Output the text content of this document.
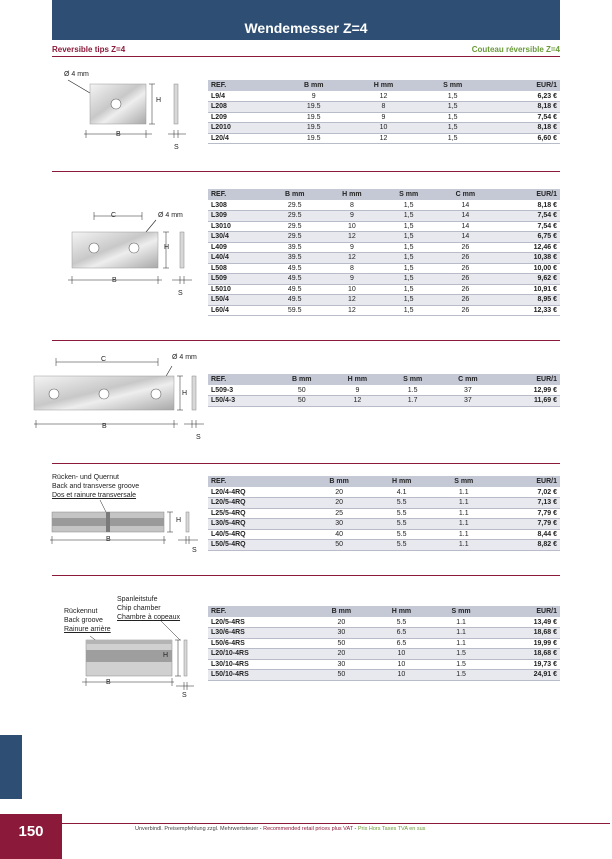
Wendemesser Z=4
Reversible tips Z=4	Couteau réversible Z=4
Ø 4 mm
H
B
S
REF.	B mm	H mm	S mm	EUR/1
L9/4	9	12	1,5	6,23 €
L208	19.5	8	1,5	8,18 €
L209	19.5	9	1,5	7,54 €
L2010	19.5	10	1,5	8,18 €
L20/4	19.5	12	1,5	6,60 €
C	Ø 4 mm
H
B
S
REF.	B mm	H mm	S mm	C mm	EUR/1
L308	29.5	8	1,5	14	8,18 €
L309	29.5	9	1,5	14	7,54 €
L3010	29.5	10	1,5	14	7,54 €
L30/4	29.5	12	1,5	14	6,75 €
L409	39.5	9	1,5	26	12,46 €
L40/4	39.5	12	1,5	26	10,38 €
L508	49.5	8	1,5	26	10,00 €
L509	49.5	9	1,5	26	9,62 €
L5010	49.5	10	1,5	26	10,91 €
L50/4	49.5	12	1,5	26	8,95 €
L60/4	59.5	12	1,5	26	12,33 €
C	Ø 4 mm
H
B
S
REF.	B mm	H mm	S mm	C mm	EUR/1
L509-3	50	9	1.5	37	12,99 €
L50/4-3	50	12	1.7	37	11,69 €
Rücken- und Quernut
Back and transverse groove
Dos et rainure transversale
H
B
S
REF.	B mm	H mm	S mm	EUR/1
L20/4-4RQ	20	4.1	1.1	7,02 €
L20/5-4RQ	20	5.5	1.1	7,13 €
L25/5-4RQ	25	5.5	1.1	7,79 €
L30/5-4RQ	30	5.5	1.1	7,79 €
L40/5-4RQ	40	5.5	1.1	8,44 €
L50/5-4RQ	50	5.5	1.1	8,82 €
Spanleitstufe
Chip chamber
Chambre à copeaux
Rückennut
Back groove
Rainure arrière
H
B
S
REF.	B mm	H mm	S mm	EUR/1
L20/5-4RS	20	5.5	1.1	13,49 €
L30/6-4RS	30	6.5	1.1	18,68 €
L50/6-4RS	50	6.5	1.1	19,99 €
L20/10-4RS	20	10	1.5	18,68 €
L30/10-4RS	30	10	1.5	19,73 €
L50/10-4RS	50	10	1.5	24,91 €
150	Unverbindl. Preisempfehlung zzgl. Mehrwertsteuer - Recommended retail prices plus VAT - Prix Hors Taxes TVA en sus
